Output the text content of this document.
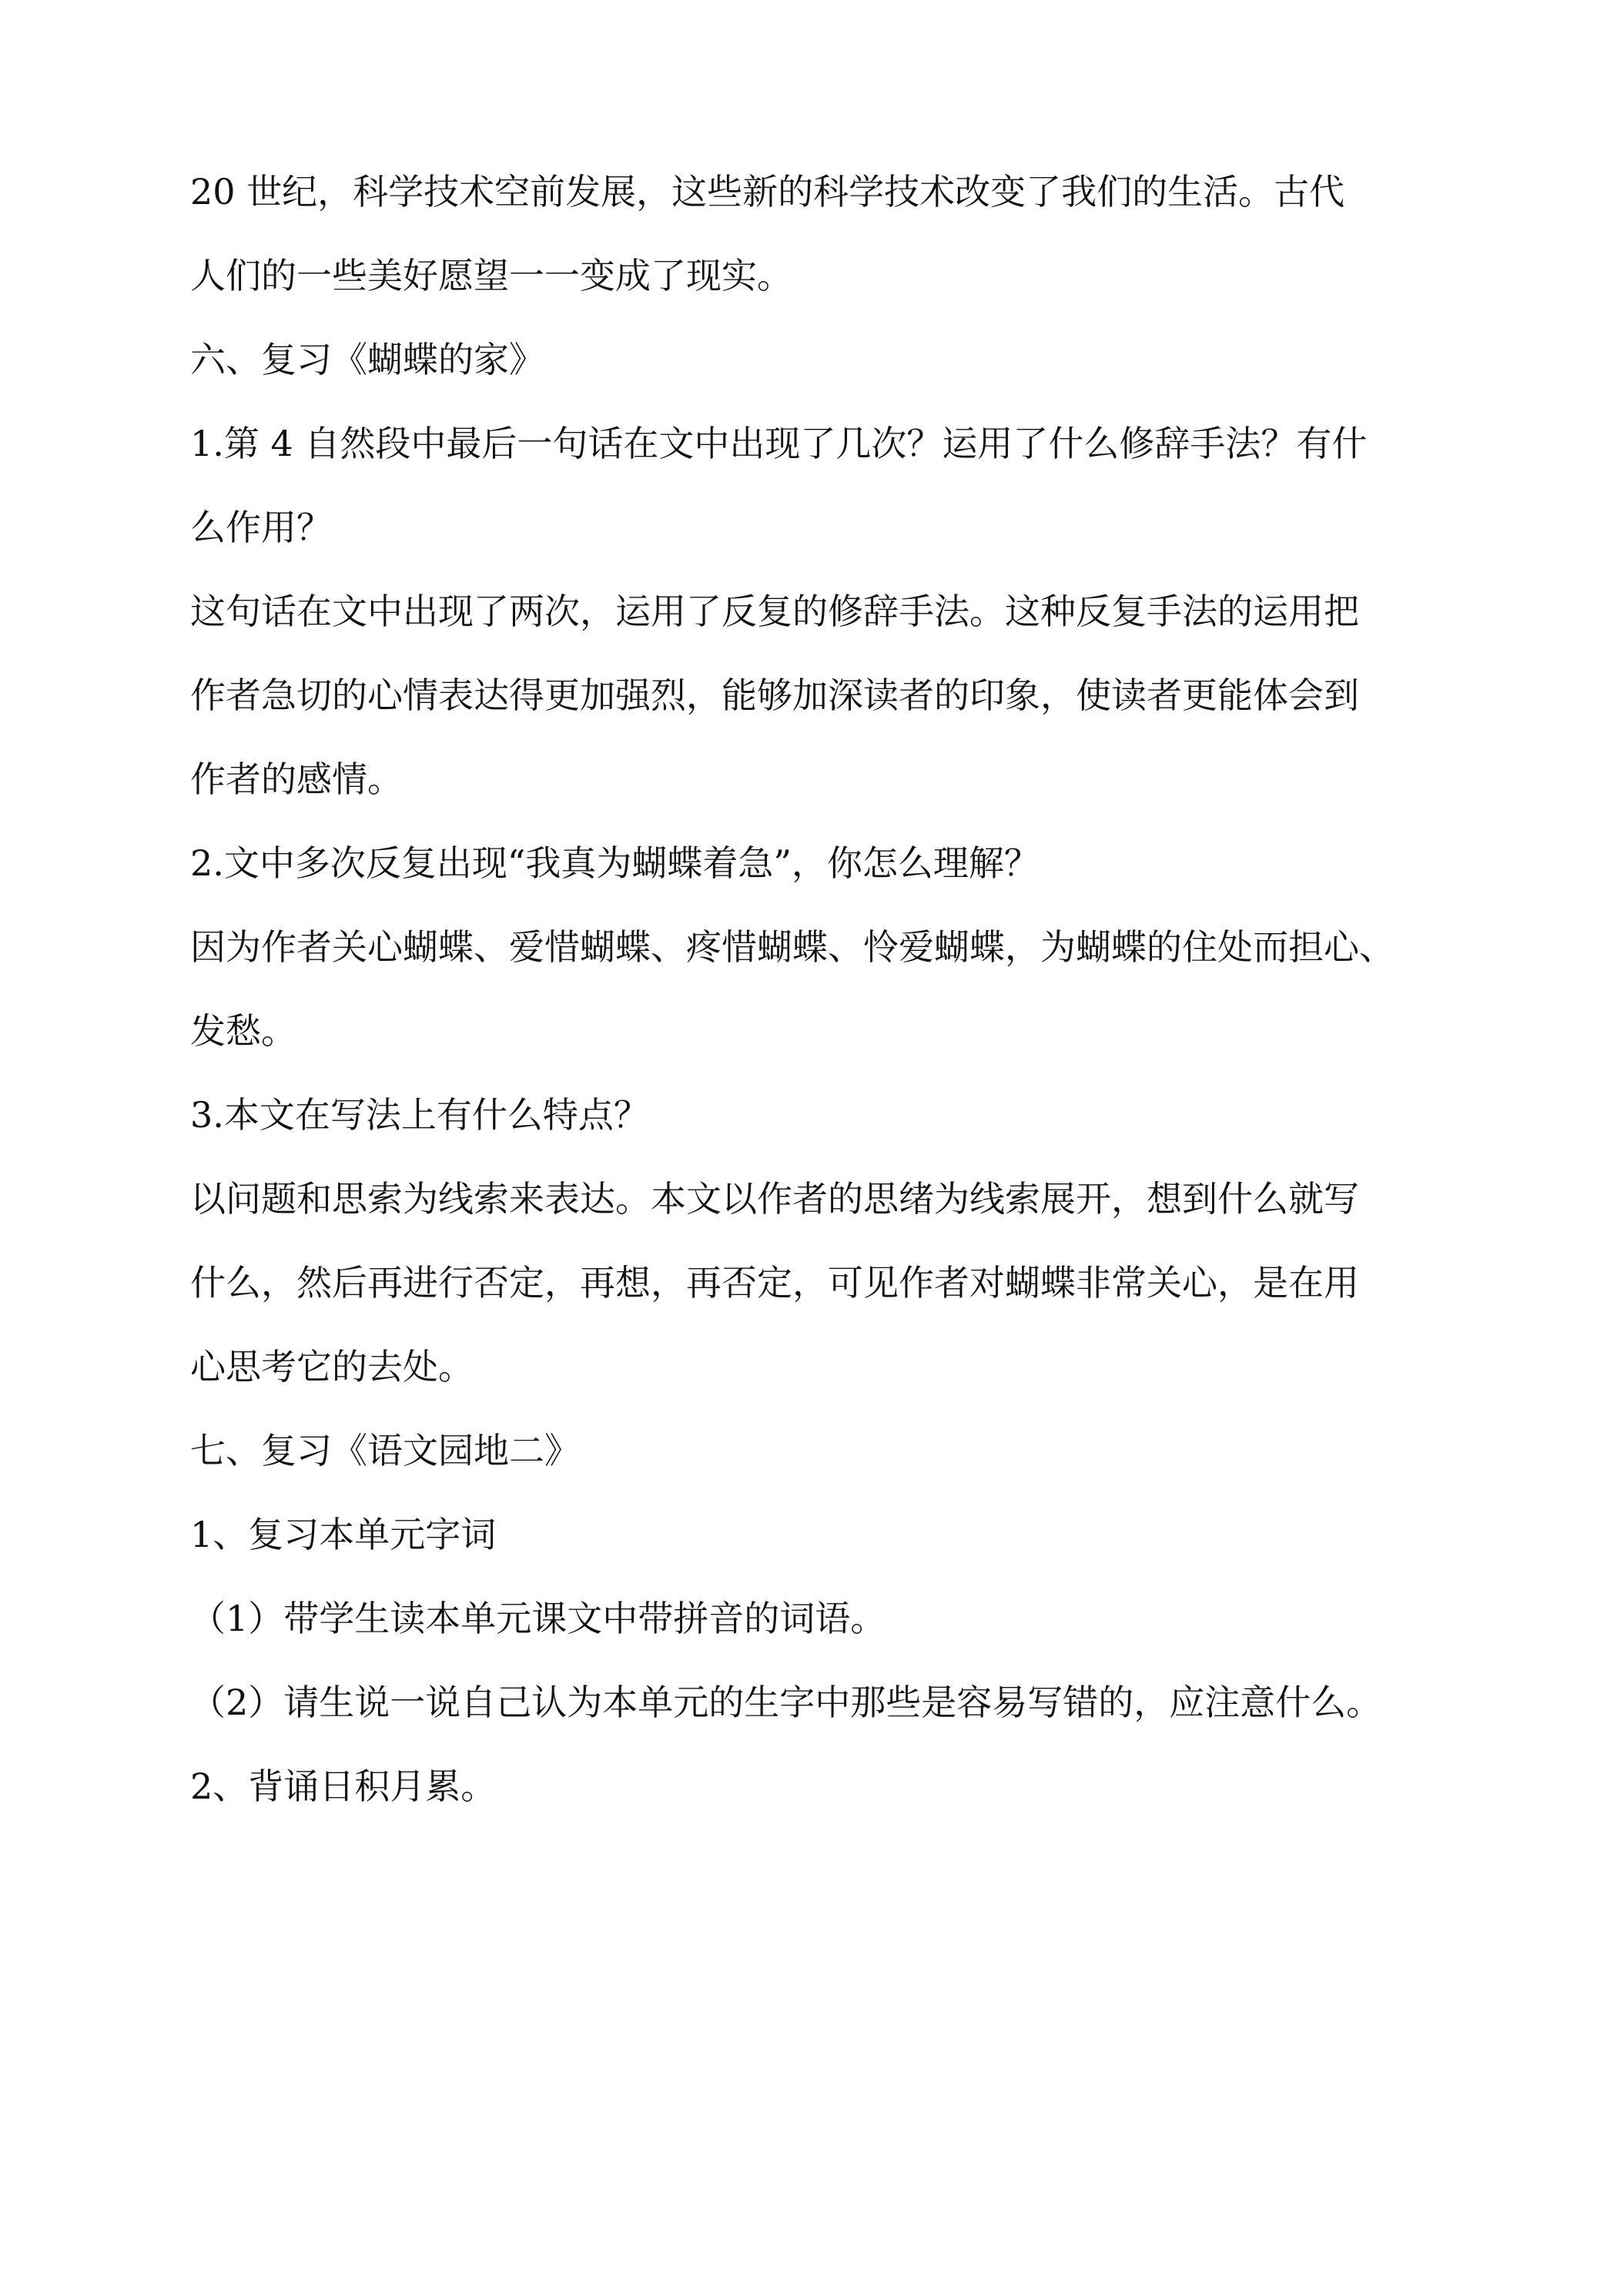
20 世纪，科学技术空前发展，这些新的科学技术改变了我们的生活。古代
人们的一些美好愿望一一变成了现实。
六、复习《蝴蝶的家》
1.第 4 自然段中最后一句话在文中出现了几次？运用了什么修辞手法？有什
么作用？
这句话在文中出现了两次，运用了反复的修辞手法。这种反复手法的运用把
作者急切的心情表达得更加强烈，能够加深读者的印象，使读者更能体会到
作者的感情。
2.文中多次反复出现“我真为蝴蝶着急”，你怎么理解？
因为作者关心蝴蝶、爱惜蝴蝶、疼惜蝴蝶、怜爱蝴蝶，为蝴蝶的住处而担心、
发愁。
3.本文在写法上有什么特点？
以问题和思索为线索来表达。本文以作者的思绪为线索展开，想到什么就写
什么，然后再进行否定，再想，再否定，可见作者对蝴蝶非常关心，是在用
心思考它的去处。
七、复习《语文园地二》
1、复习本单元字词
（1）带学生读本单元课文中带拼音的词语。
（2）请生说一说自己认为本单元的生字中那些是容易写错的，应注意什么。
2、背诵日积月累。
